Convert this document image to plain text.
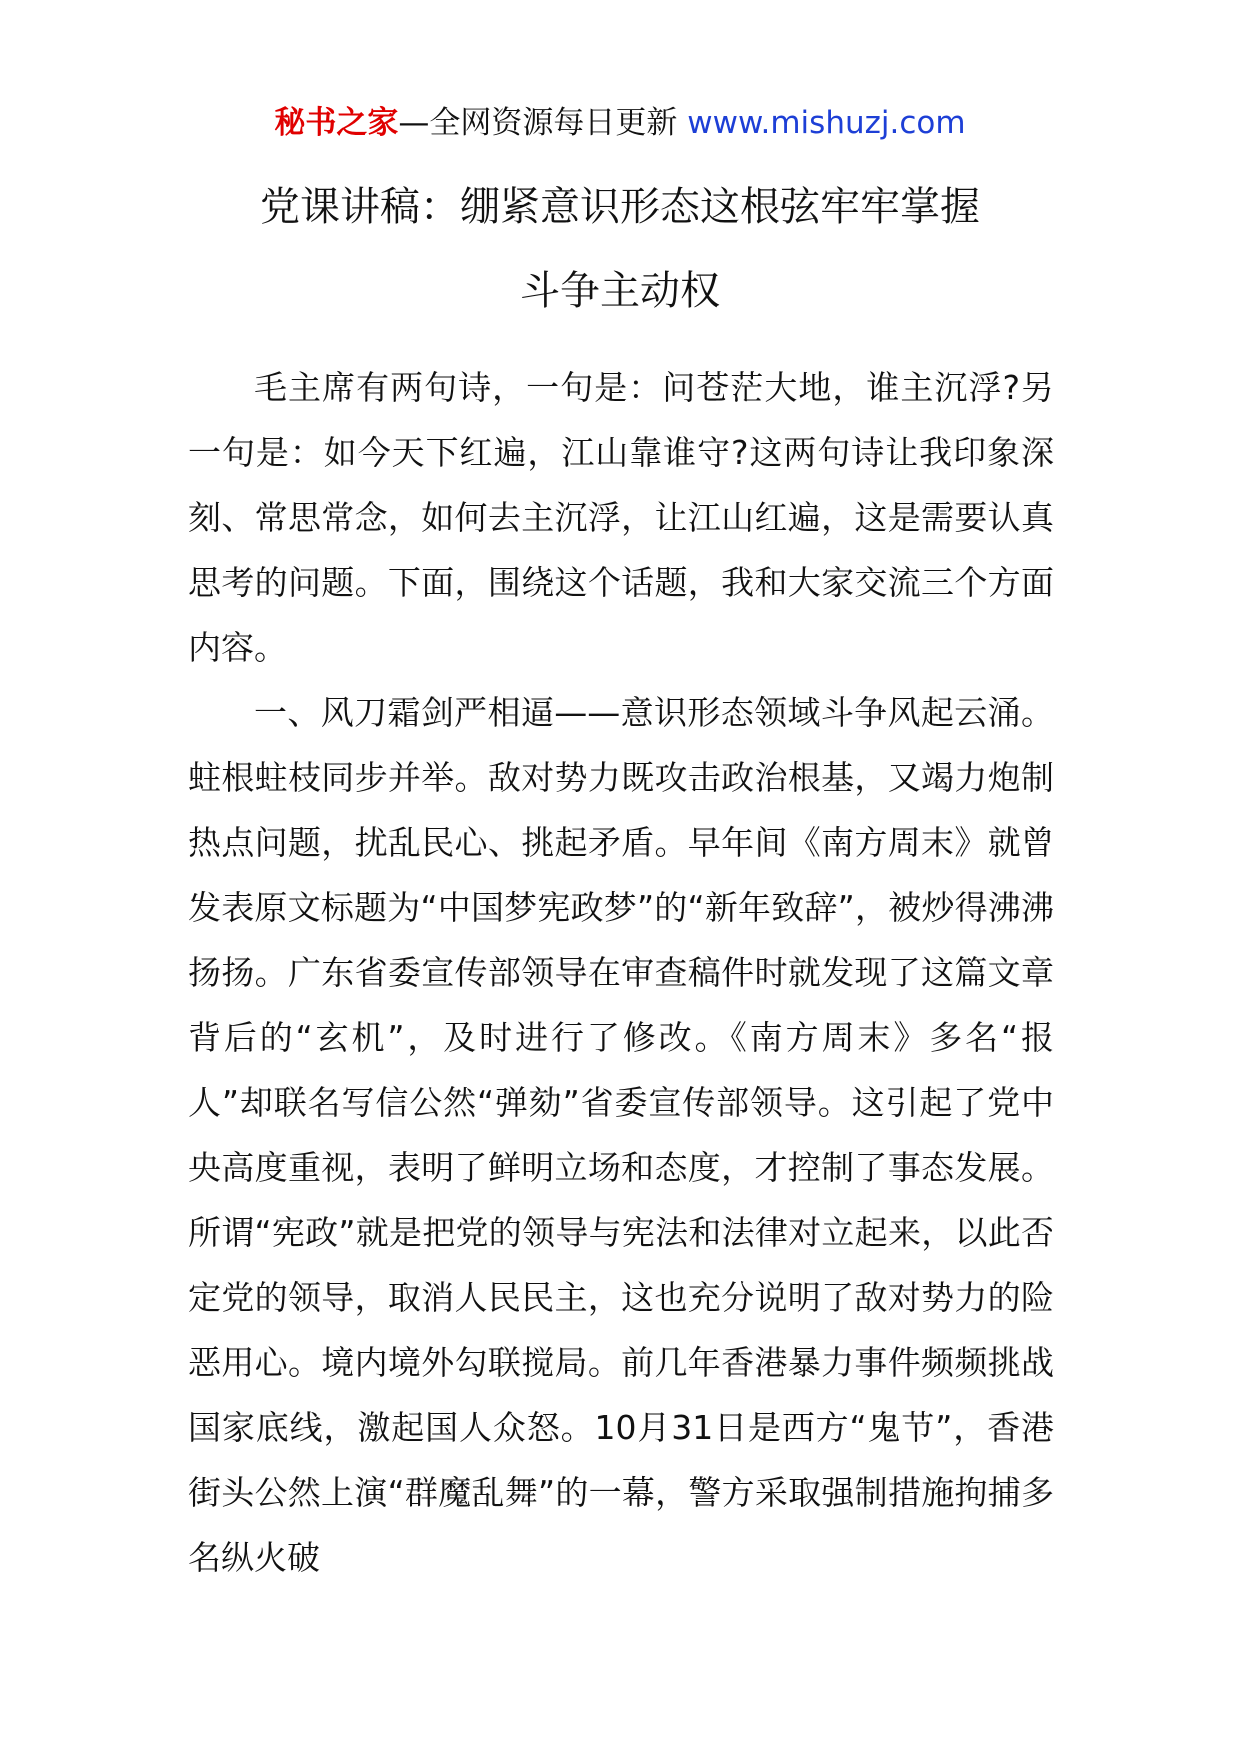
秘书之家—全网资源每日更新 www.mishuzj.com
党课讲稿：绷紧意识形态这根弦牢牢掌握
斗争主动权

毛主席有两句诗，一句是：问苍茫大地，谁主沉浮?另一句是：如今天下红遍，江山靠谁守?这两句诗让我印象深刻、常思常念，如何去主沉浮，让江山红遍，这是需要认真思考的问题。下面，围绕这个话题，我和大家交流三个方面内容。

一、风刀霜剑严相逼——意识形态领域斗争风起云涌。蛀根蛀枝同步并举。敌对势力既攻击政治根基，又竭力炮制热点问题，扰乱民心、挑起矛盾。早年间《南方周末》就曾发表原文标题为“中国梦宪政梦”的“新年致辞”，被炒得沸沸扬扬。广东省委宣传部领导在审查稿件时就发现了这篇文章背后的“玄机”，及时进行了修改。《南方周末》多名“报人”却联名写信公然“弹劾”省委宣传部领导。这引起了党中央高度重视，表明了鲜明立场和态度，才控制了事态发展。所谓“宪政”就是把党的领导与宪法和法律对立起来，以此否定党的领导，取消人民民主，这也充分说明了敌对势力的险恶用心。境内境外勾联搅局。前几年香港暴力事件频频挑战国家底线，激起国人众怒。10月31日是西方“鬼节”，香港街头公然上演“群魔乱舞”的一幕，警方采取强制措施拘捕多名纵火破
